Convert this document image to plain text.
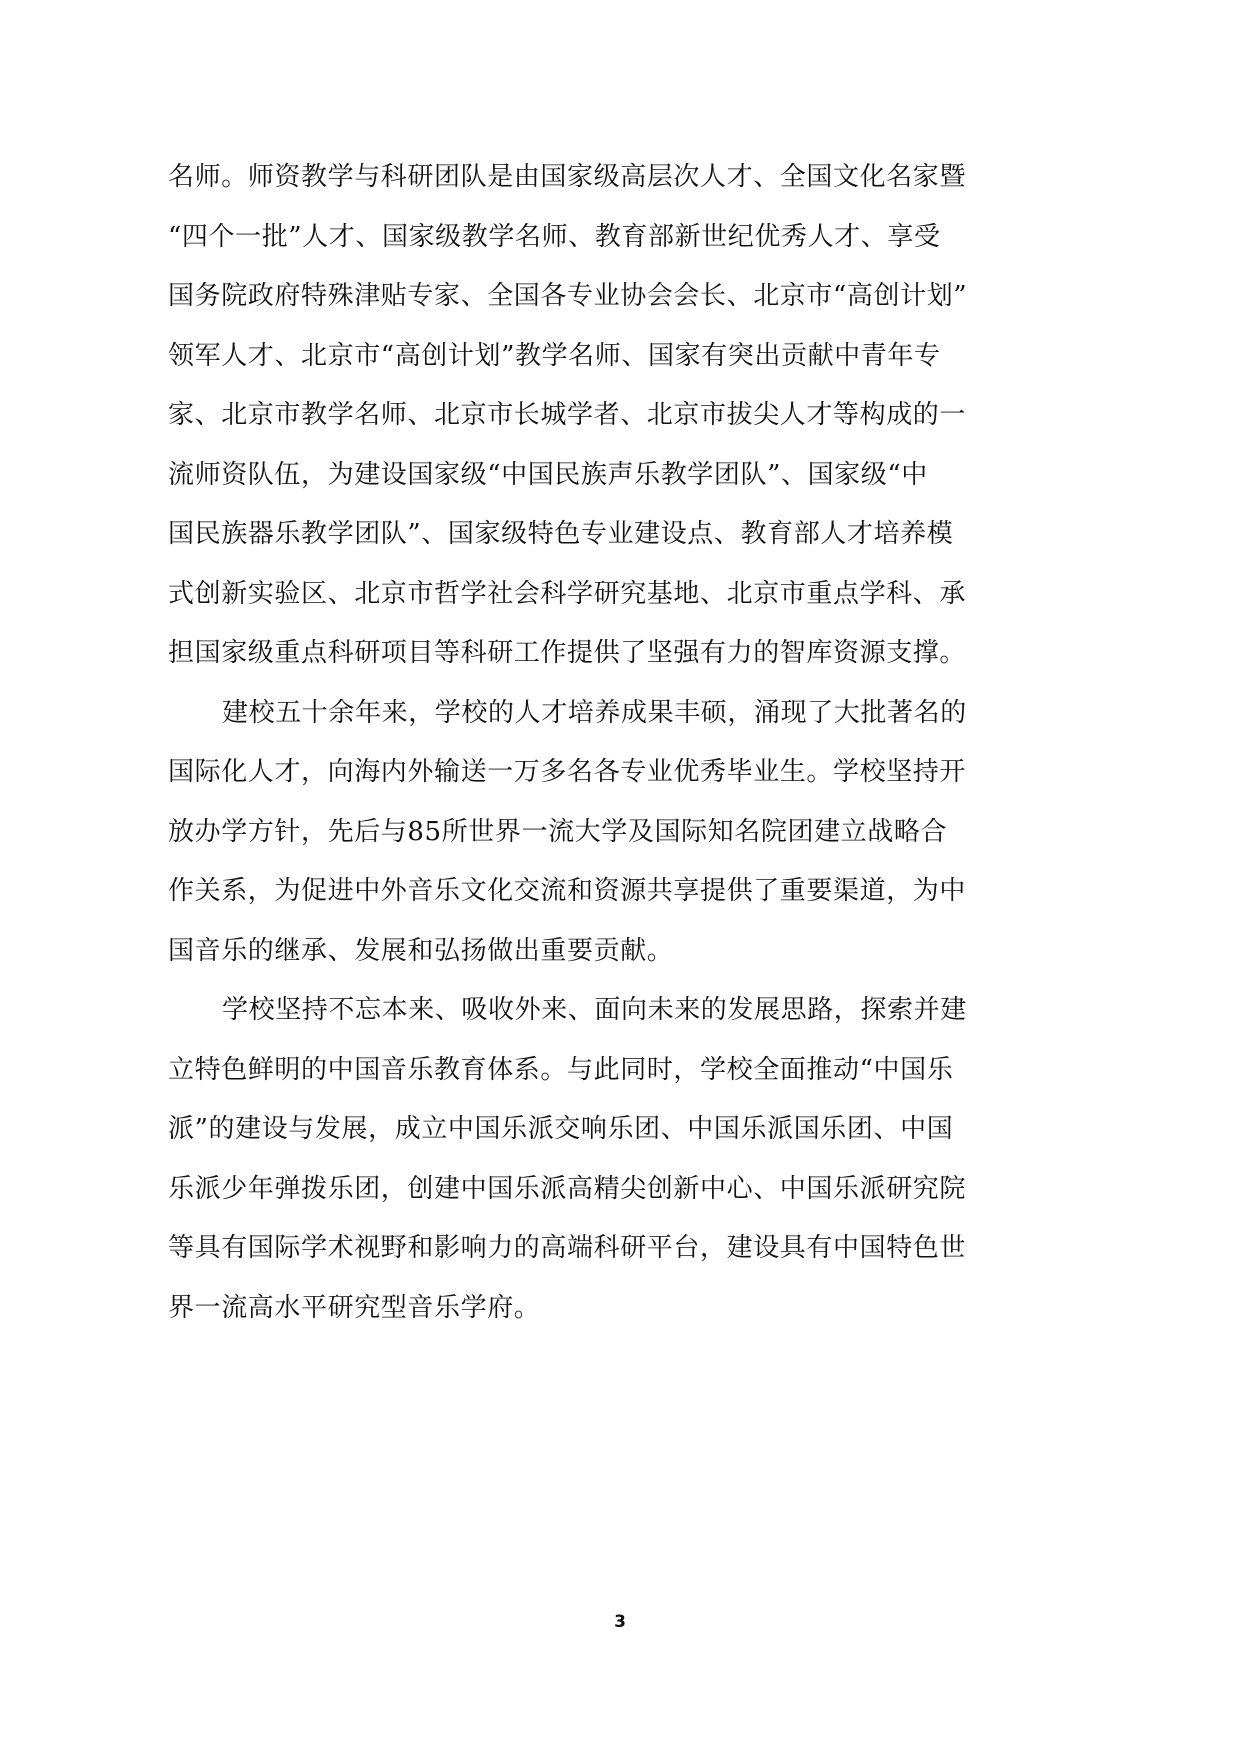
名师。师资教学与科研团队是由国家级高层次人才、全国文化名家暨
“四个一批”人才、国家级教学名师、教育部新世纪优秀人才、享受
国务院政府特殊津贴专家、全国各专业协会会长、北京市“高创计划”
领军人才、北京市“高创计划”教学名师、国家有突出贡献中青年专
家、北京市教学名师、北京市长城学者、北京市拔尖人才等构成的一
流师资队伍，为建设国家级“中国民族声乐教学团队”、国家级“中
国民族器乐教学团队”、国家级特色专业建设点、教育部人才培养模
式创新实验区、北京市哲学社会科学研究基地、北京市重点学科、承
担国家级重点科研项目等科研工作提供了坚强有力的智库资源支撑。
建校五十余年来，学校的人才培养成果丰硕，涌现了大批著名的
国际化人才，向海内外输送一万多名各专业优秀毕业生。学校坚持开
放办学方针，先后与85所世界一流大学及国际知名院团建立战略合
作关系，为促进中外音乐文化交流和资源共享提供了重要渠道，为中
国音乐的继承、发展和弘扬做出重要贡献。
学校坚持不忘本来、吸收外来、面向未来的发展思路，探索并建
立特色鲜明的中国音乐教育体系。与此同时，学校全面推动“中国乐
派”的建设与发展，成立中国乐派交响乐团、中国乐派国乐团、中国
乐派少年弹拨乐团，创建中国乐派高精尖创新中心、中国乐派研究院
等具有国际学术视野和影响力的高端科研平台，建设具有中国特色世
界一流高水平研究型音乐学府。
3
